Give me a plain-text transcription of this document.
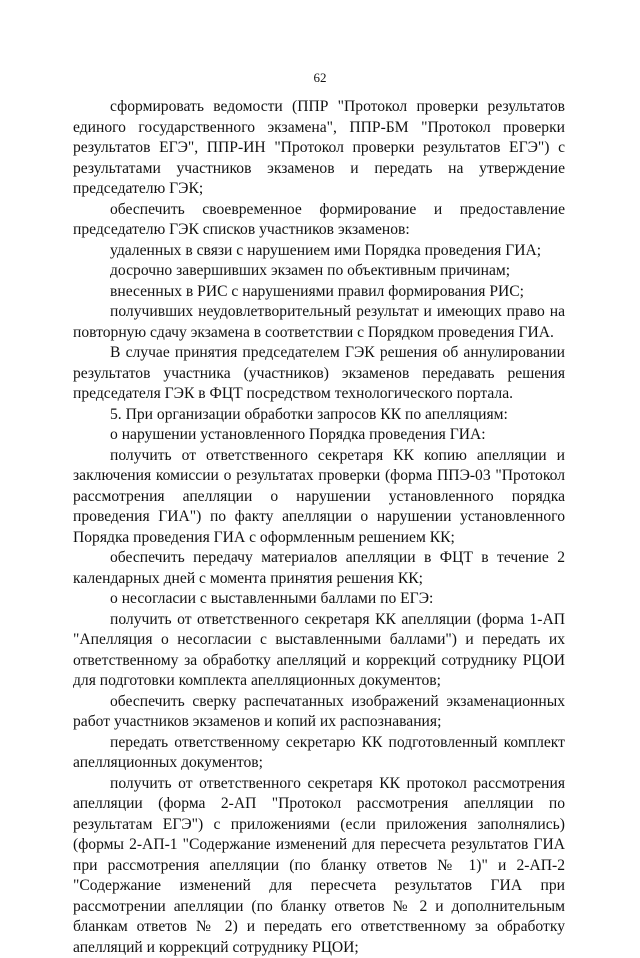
62

сформировать ведомости (ППР "Протокол проверки результатов единого государственного экзамена", ППР-БМ "Протокол проверки результатов ЕГЭ", ППР-ИН "Протокол проверки результатов ЕГЭ") с результатами участников экзаменов и передать на утверждение председателю ГЭК;

обеспечить своевременное формирование и предоставление председателю ГЭК списков участников экзаменов:

удаленных в связи с нарушением ими Порядка проведения ГИА;

досрочно завершивших экзамен по объективным причинам;

внесенных в РИС с нарушениями правил формирования РИС;

получивших неудовлетворительный результат и имеющих право на повторную сдачу экзамена в соответствии с Порядком проведения ГИА.

В случае принятия председателем ГЭК решения об аннулировании результатов участника (участников) экзаменов передавать решения председателя ГЭК в ФЦТ посредством технологического портала.

5. При организации обработки запросов КК по апелляциям:

о нарушении установленного Порядка проведения ГИА:

получить от ответственного секретаря КК копию апелляции и заключения комиссии о результатах проверки (форма ППЭ-03 "Протокол рассмотрения апелляции о нарушении установленного порядка проведения ГИА") по факту апелляции о нарушении установленного Порядка проведения ГИА с оформленным решением КК;

обеспечить передачу материалов апелляции в ФЦТ в течение 2 календарных дней с момента принятия решения КК;

о несогласии с выставленными баллами по ЕГЭ:

получить от ответственного секретаря КК апелляции (форма 1-АП "Апелляция о несогласии с выставленными баллами") и передать их ответственному за обработку апелляций и коррекций сотруднику РЦОИ для подготовки комплекта апелляционных документов;

обеспечить сверку распечатанных изображений экзаменационных работ участников экзаменов и копий их распознавания;

передать ответственному секретарю КК подготовленный комплект апелляционных документов;

получить от ответственного секретаря КК протокол рассмотрения апелляции (форма 2-АП "Протокол рассмотрения апелляции по результатам ЕГЭ") с приложениями (если приложения заполнялись) (формы 2-АП-1 "Содержание изменений для пересчета результатов ГИА при рассмотрения апелляции (по бланку ответов № 1)" и 2-АП-2 "Содержание изменений для пересчета результатов ГИА при рассмотрении апелляции (по бланку ответов № 2 и дополнительным бланкам ответов № 2) и передать его ответственному за обработку апелляций и коррекций сотруднику РЦОИ;
